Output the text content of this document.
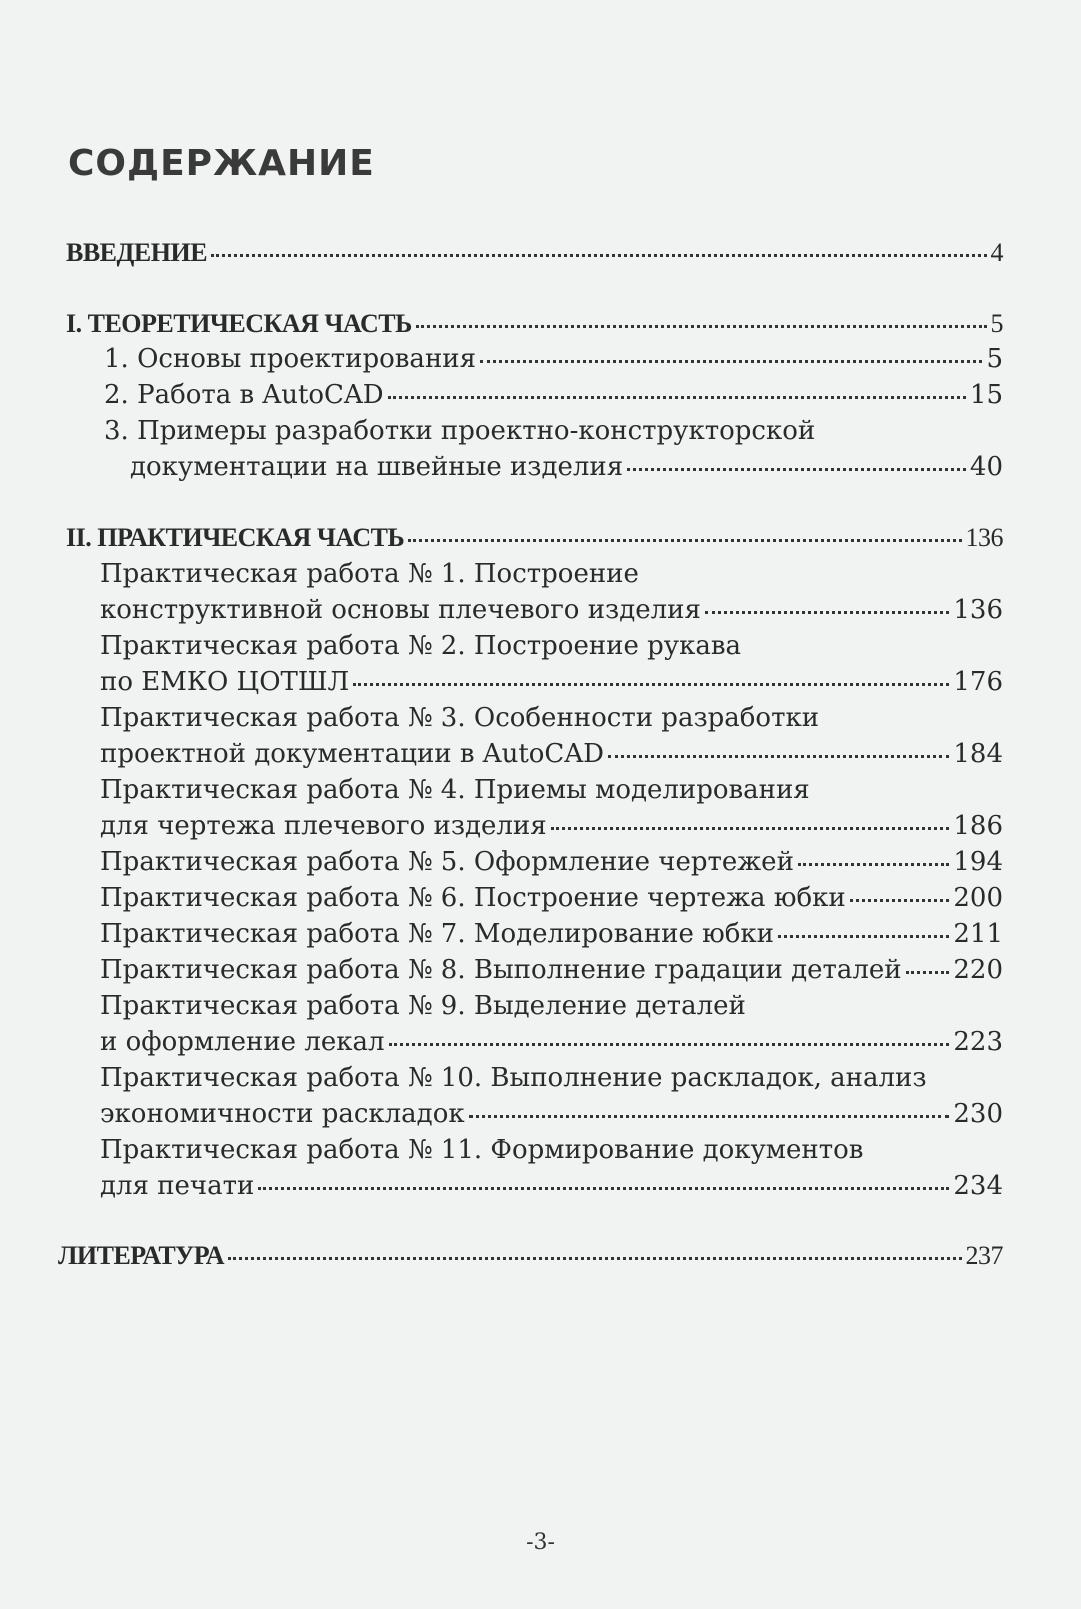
СОДЕРЖАНИЕ
ВВЕДЕНИЕ	4
I. ТЕОРЕТИЧЕСКАЯ ЧАСТЬ	5
1. Основы проектирования	5
2. Работа в AutoCAD	15
3. Примеры разработки проектно-конструкторской
документации на швейные изделия	40
II. ПРАКТИЧЕСКАЯ ЧАСТЬ	136
Практическая работа № 1. Построение
конструктивной основы плечевого изделия	136
Практическая работа № 2. Построение рукава
по ЕМКО ЦОТШЛ	176
Практическая работа № 3. Особенности разработки
проектной документации в AutoCAD	184
Практическая работа № 4. Приемы моделирования
для чертежа плечевого изделия	186
Практическая работа № 5. Оформление чертежей	194
Практическая работа № 6. Построение чертежа юбки	200
Практическая работа № 7. Моделирование юбки	211
Практическая работа № 8. Выполнение градации деталей 220
Практическая работа № 9. Выделение деталей
и оформление лекал	223
Практическая работа № 10. Выполнение раскладок, анализ
экономичности раскладок	230
Практическая работа № 11. Формирование документов
для печати	234
ЛИТЕРАТУРА	237
-3-
